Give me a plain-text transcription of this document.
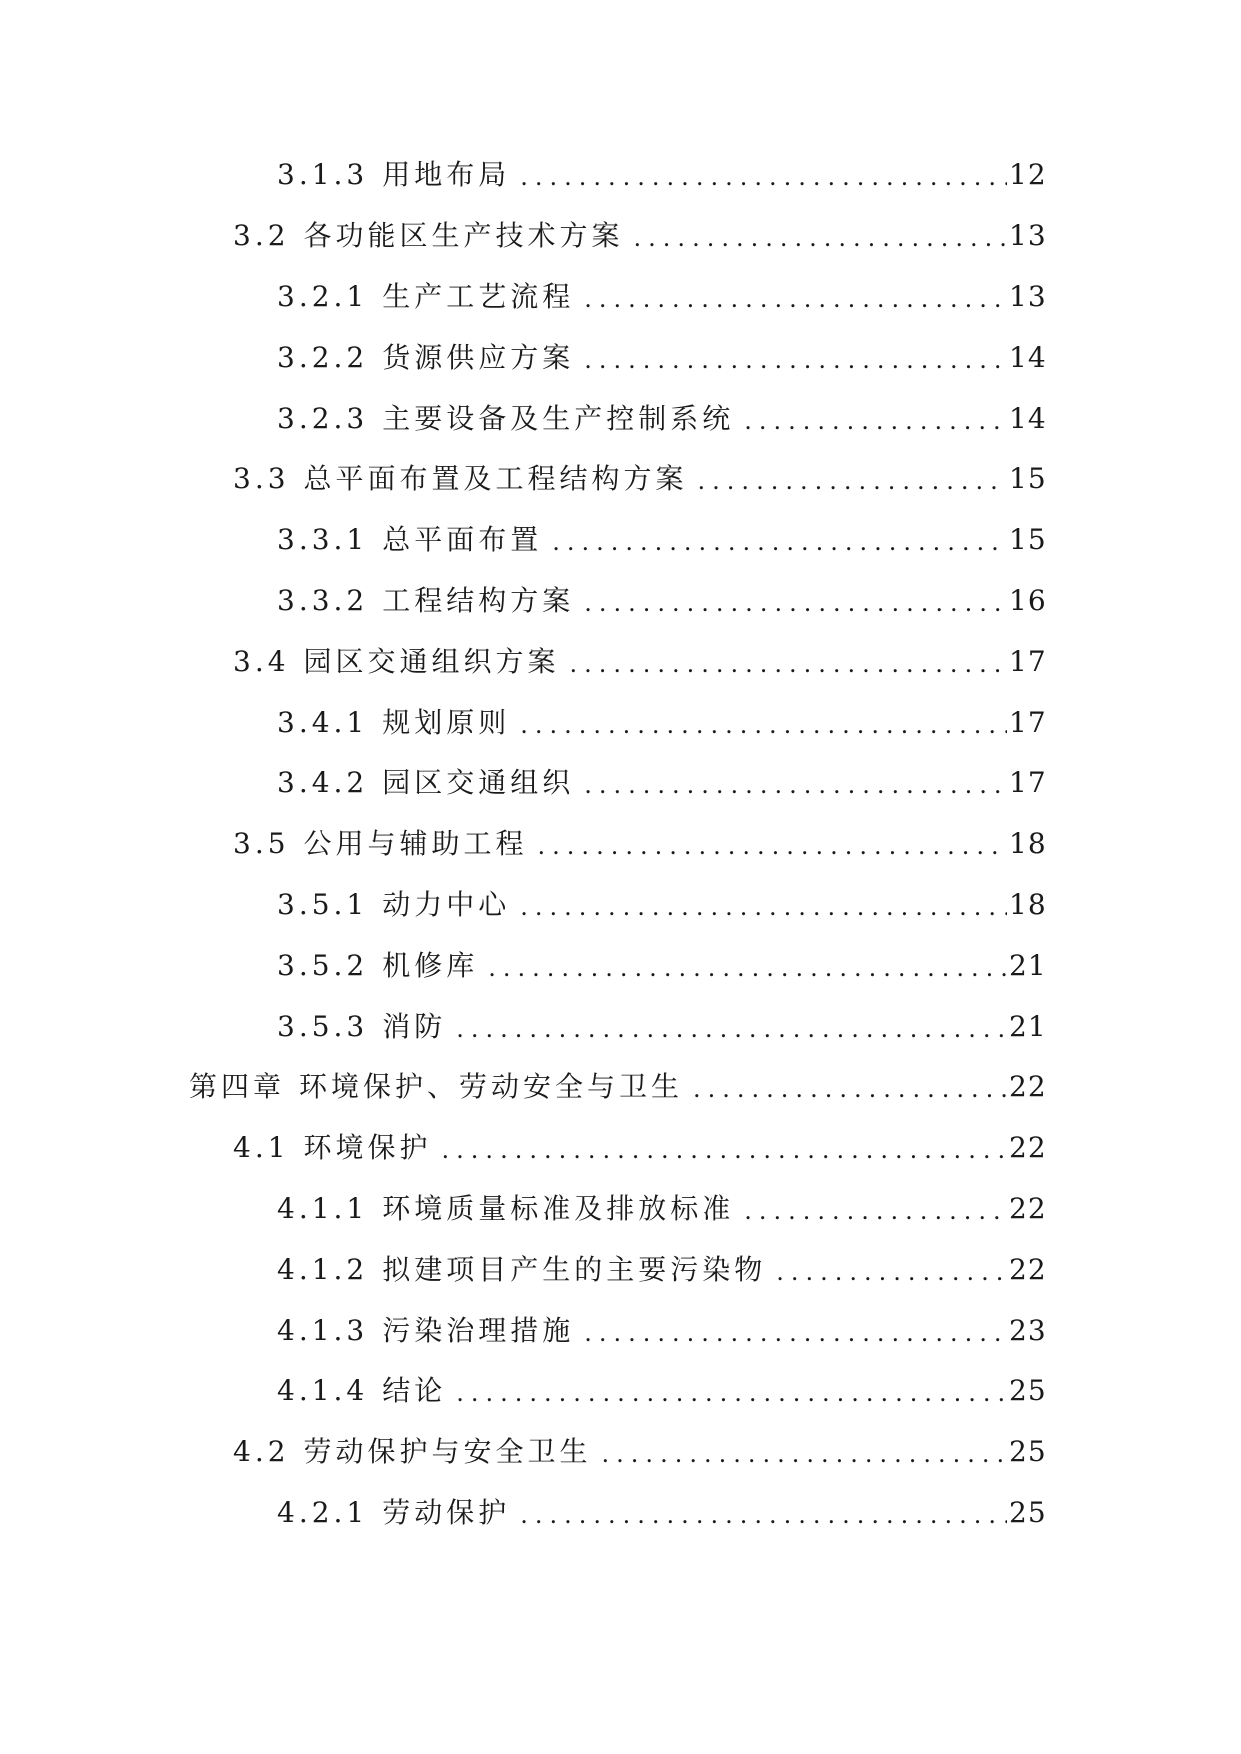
3.1.3 用地布局 .....	12
3.2 各功能区生产技术方案 .....	13
3.2.1 生产工艺流程 .....	13
3.2.2 货源供应方案 .....	14
3.2.3 主要设备及生产控制系统 .....	14
3.3 总平面布置及工程结构方案 .....	15
3.3.1 总平面布置 .....	15
3.3.2 工程结构方案 .....	16
3.4 园区交通组织方案 .....	17
3.4.1 规划原则 .....	17
3.4.2 园区交通组织 .....	17
3.5 公用与辅助工程 .....	18
3.5.1 动力中心 .....	18
3.5.2 机修库 .....	21
3.5.3 消防 .....	21
第四章 环境保护、劳动安全与卫生 .....	22
4.1 环境保护 .....	22
4.1.1 环境质量标准及排放标准 .....	22
4.1.2 拟建项目产生的主要污染物 .....	22
4.1.3 污染治理措施 .....	23
4.1.4 结论 .....	25
4.2 劳动保护与安全卫生 .....	25
4.2.1 劳动保护 .....	25
